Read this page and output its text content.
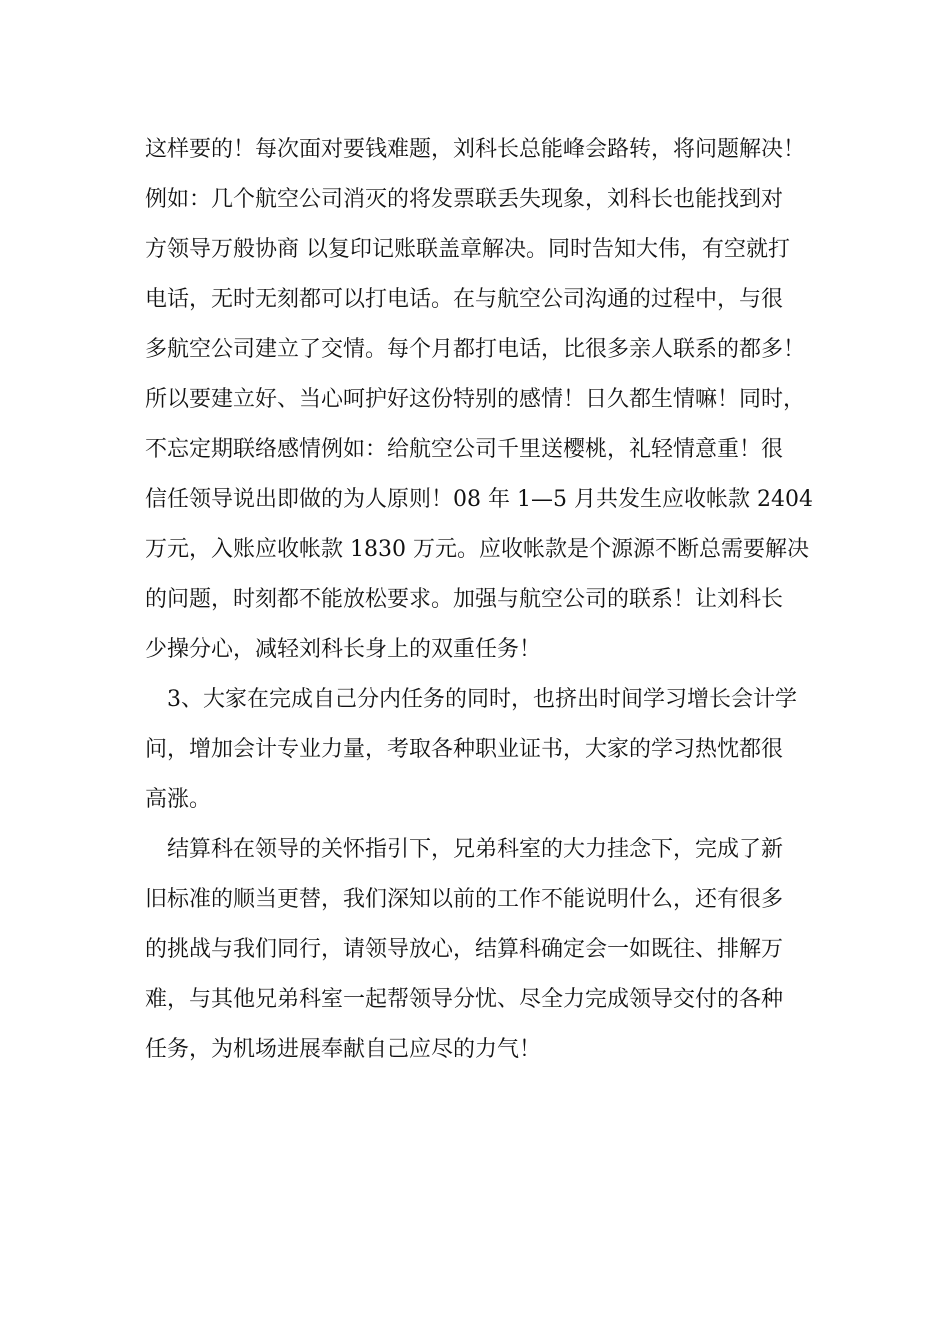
这样要的！每次面对要钱难题，刘科长总能峰会路转，将问题解决！
例如：几个航空公司消灭的将发票联丢失现象，刘科长也能找到对
方领导万般协商 以复印记账联盖章解决。同时告知大伟，有空就打
电话，无时无刻都可以打电话。在与航空公司沟通的过程中，与很
多航空公司建立了交情。每个月都打电话，比很多亲人联系的都多！
所以要建立好、当心呵护好这份特别的感情！日久都生情嘛！同时，
不忘定期联络感情例如：给航空公司千里送樱桃，礼轻情意重！很
信任领导说出即做的为人原则！08 年 1—5 月共发生应收帐款 2404
万元，入账应收帐款 1830 万元。应收帐款是个源源不断总需要解决
的问题，时刻都不能放松要求。加强与航空公司的联系！让刘科长
少操分心，减轻刘科长身上的双重任务！
3、大家在完成自己分内任务的同时，也挤出时间学习增长会计学
问，增加会计专业力量，考取各种职业证书，大家的学习热忱都很
高涨。
结算科在领导的关怀指引下，兄弟科室的大力挂念下，完成了新
旧标准的顺当更替，我们深知以前的工作不能说明什么，还有很多
的挑战与我们同行，请领导放心，结算科确定会一如既往、排解万
难，与其他兄弟科室一起帮领导分忧、尽全力完成领导交付的各种
任务，为机场进展奉献自己应尽的力气！
